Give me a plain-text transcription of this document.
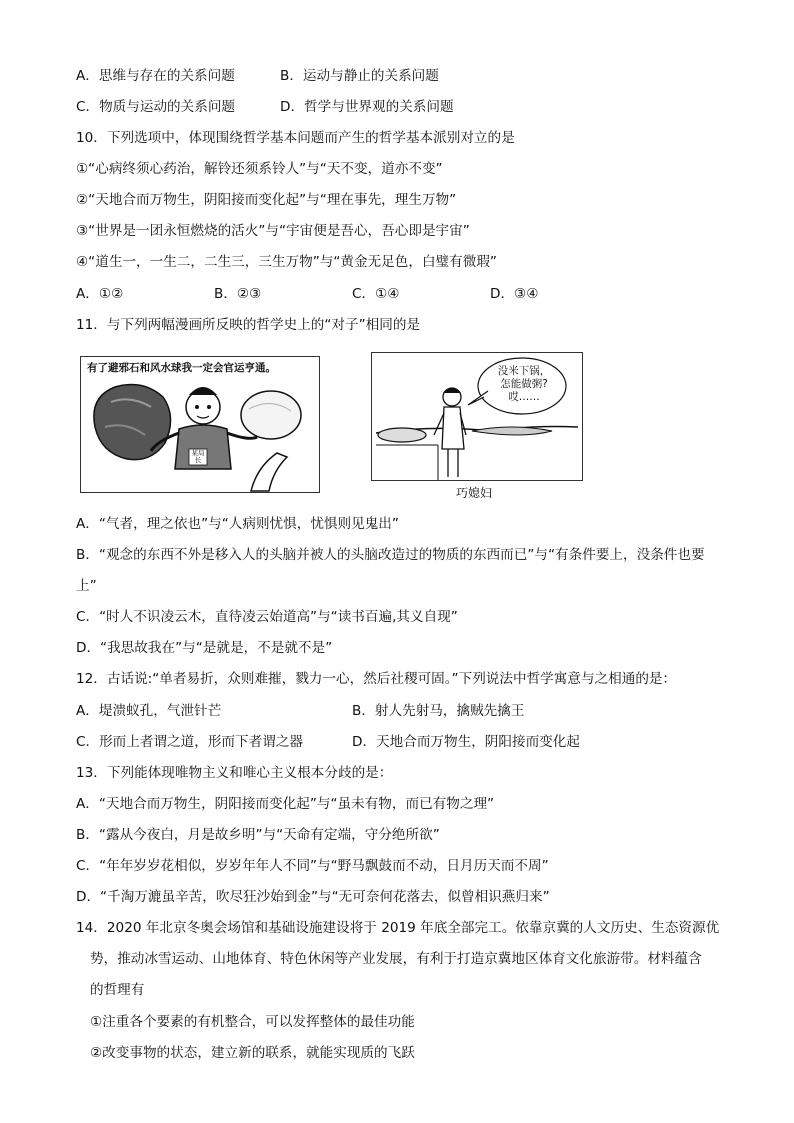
A．思维与存在的关系问题	B．运动与静止的关系问题
C．物质与运动的关系问题	D．哲学与世界观的关系问题
10．下列选项中，体现围绕哲学基本问题而产生的哲学基本派别对立的是
①“心病终须心药治，解铃还须系铃人”与“天不变，道亦不变”
②“天地合而万物生，阴阳接而变化起”与“理在事先，理生万物”
③“世界是一团永恒燃烧的活火”与“宇宙便是吾心，吾心即是宇宙”
④“道生一，一生二，二生三，三生万物”与“黄金无足色，白璧有微瑕”
A．①②	B．②③	C．①④	D．③④
11．与下列两幅漫画所反映的哲学史上的“对子”相同的是
有了避邪石和风水球我一定会官运亨通。
某局长
没米下锅，
怎能做粥?
哎……
巧媳妇
A．“气者，理之依也”与“人病则忧惧，忧惧则见鬼出”
B．“观念的东西不外是移入人的头脑并被人的头脑改造过的物质的东西而已”与“有条件要上，没条件也要
上”
C．“时人不识凌云木，直待凌云始道高”与“读书百遍,其义自现”
D．“我思故我在”与“是就是，不是就不是”
12．古话说:“单者易折，众则难摧，戮力一心，然后社稷可固。”下列说法中哲学寓意与之相通的是：
A．堤溃蚁孔，气泄针芒	B．射人先射马，擒贼先擒王
C．形而上者谓之道，形而下者谓之器	D．天地合而万物生，阴阳接而变化起
13．下列能体现唯物主义和唯心主义根本分歧的是：
A．“天地合而万物生，阴阳接而变化起”与“虽未有物，而已有物之理”
B．“露从今夜白，月是故乡明”与“天命有定端，守分绝所欲”
C．“年年岁岁花相似，岁岁年年人不同”与“野马飘鼓而不动，日月历天而不周”
D．“千淘万漉虽辛苦，吹尽狂沙始到金”与“无可奈何花落去，似曾相识燕归来”
14．2020 年北京冬奥会场馆和基础设施建设将于 2019 年底全部完工。依靠京冀的人文历史、生态资源优
势，推动冰雪运动、山地体育、特色休闲等产业发展，有利于打造京冀地区体育文化旅游带。材料蕴含
的哲理有
①注重各个要素的有机整合，可以发挥整体的最佳功能
②改变事物的状态，建立新的联系，就能实现质的飞跃
